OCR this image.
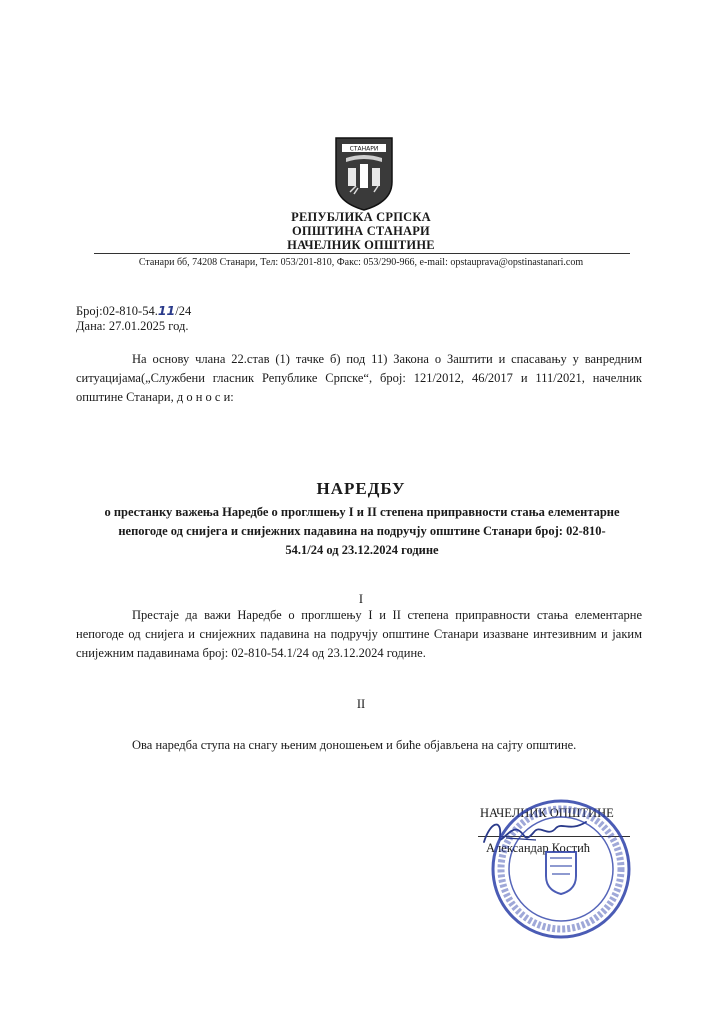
СТАНАРИ
РЕПУБЛИКА СРПСКА
ОПШТИНА СТАНАРИ
НАЧЕЛНИК ОПШТИНЕ
Станари бб, 74208 Станари, Тел: 053/201-810, Факс: 053/290-966, e-mail: opstauprava@opstinastanari.com
Број:02-810-54.11/24
Дана: 27.01.2025 год.
На основу члана 22.став (1) тачке б) под 11) Закона о Заштити и спасавању у ванредним ситуацијама(„Службени гласник Републике Српске“, број: 121/2012, 46/2017 и 111/2021, начелник општине Станари, д о н о с и:
НАРЕДБУ
о престанку важења Наредбе о проглшењу I и II степена приправности стања елементарне непогоде од снијега и снијежних падавина на подручју општине Станари број: 02-810-54.1/24 од 23.12.2024 године
I
Престаје да важи Наредбе о проглшењу I и II степена приправности стања елементарне непогоде од снијега и снијежних падавина на подручју општине Станари изазване интезивним и јаким снијежним падавинама број: 02-810-54.1/24 од 23.12.2024 године.
II
Ова наредба ступа на снагу њеним доношењем и биће објављена на сајту општине.
НАЧЕЛНИК ОПШТИНЕ
Александар Костић
